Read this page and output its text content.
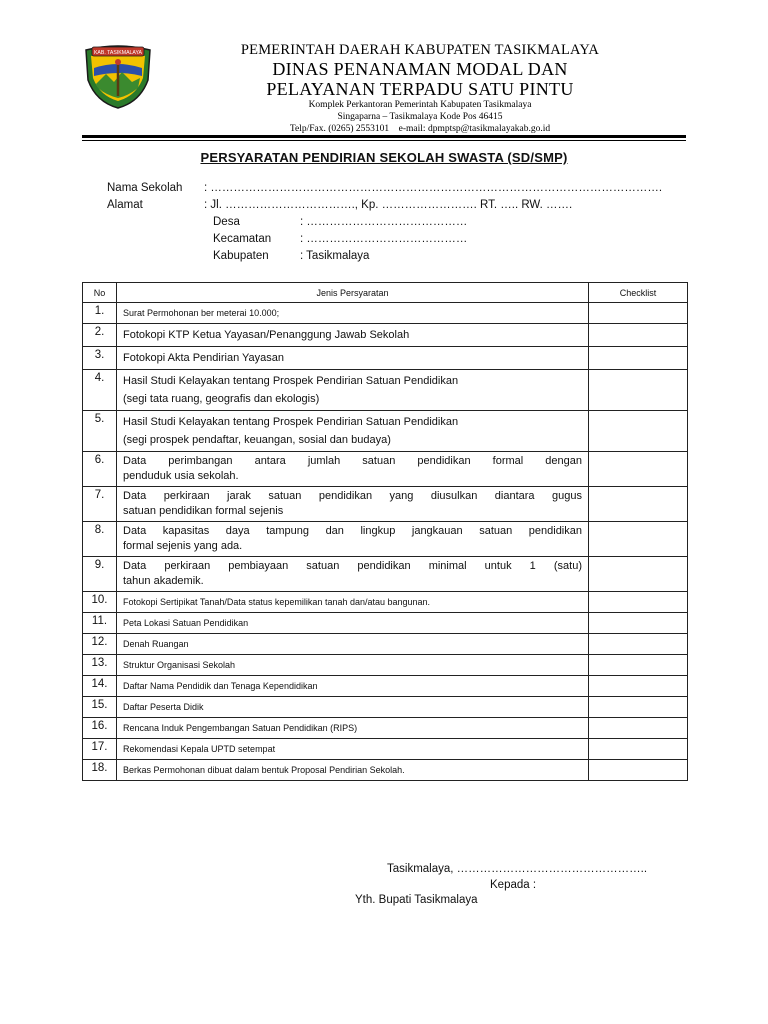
KAB. TASIKMALAYA	PEMERINTAH DAERAH KABUPATEN TASIKMALAYA
DINAS PENANAMAN MODAL DAN
PELAYANAN TERPADU SATU PINTU
Komplek Perkantoran Pemerintah Kabupaten Tasikmalaya
Singaparna – Tasikmalaya Kode Pos 46415
Telp/Fax. (0265) 2553101    e-mail: dpmptsp@tasikmalayakab.go.id
PERSYARATAN PENDIRIAN SEKOLAH SWASTA (SD/SMP)
Nama Sekolah : ……………………………………………………………………………………………………….
Alamat	: Jl. ……………………………., Kp. ……………………. RT. ….. RW. …….
Desa	: ……………………………………
Kecamatan	: ……………………………………
Kabupaten	: Tasikmalaya
No	Jenis Persyaratan	Checklist
1.	Surat Permohonan ber meterai 10.000;	

2.	Fotokopi KTP Ketua Yayasan/Penanggung Jawab Sekolah	

3.	Fotokopi Akta Pendirian Yayasan	

4.	Hasil Studi Kelayakan tentang Prospek Pendirian Satuan Pendidikan
(segi tata ruang, geografis dan ekologis)	

5.	Hasil Studi Kelayakan tentang Prospek Pendirian Satuan Pendidikan
(segi prospek pendaftar, keuangan, sosial dan budaya)	

6.	Data perimbangan antara jumlah satuan pendidikan formal dengan
penduduk usia sekolah.	

7.	Data perkiraan jarak satuan pendidikan yang diusulkan diantara gugus
satuan pendidikan formal sejenis	

8.	Data kapasitas daya tampung dan lingkup jangkauan satuan pendidikan
formal sejenis yang ada.	

9.	Data perkiraan pembiayaan satuan pendidikan minimal untuk 1 (satu)
tahun akademik.	

10.	Fotokopi Sertipikat Tanah/Data status kepemilikan tanah dan/atau bangunan.	

11.	Peta Lokasi Satuan Pendidikan	

12.	Denah Ruangan	

13.	Struktur Organisasi Sekolah	

14.	Daftar Nama Pendidik dan Tenaga Kependidikan	

15.	Daftar Peserta Didik	

16.	Rencana Induk Pengembangan Satuan Pendidikan (RIPS)	

17.	Rekomendasi Kepala UPTD setempat	

18.	Berkas Permohonan dibuat dalam bentuk Proposal Pendirian Sekolah.	

Tasikmalaya, …………………………………………..
Kepada :
Yth. Bupati Tasikmalaya
